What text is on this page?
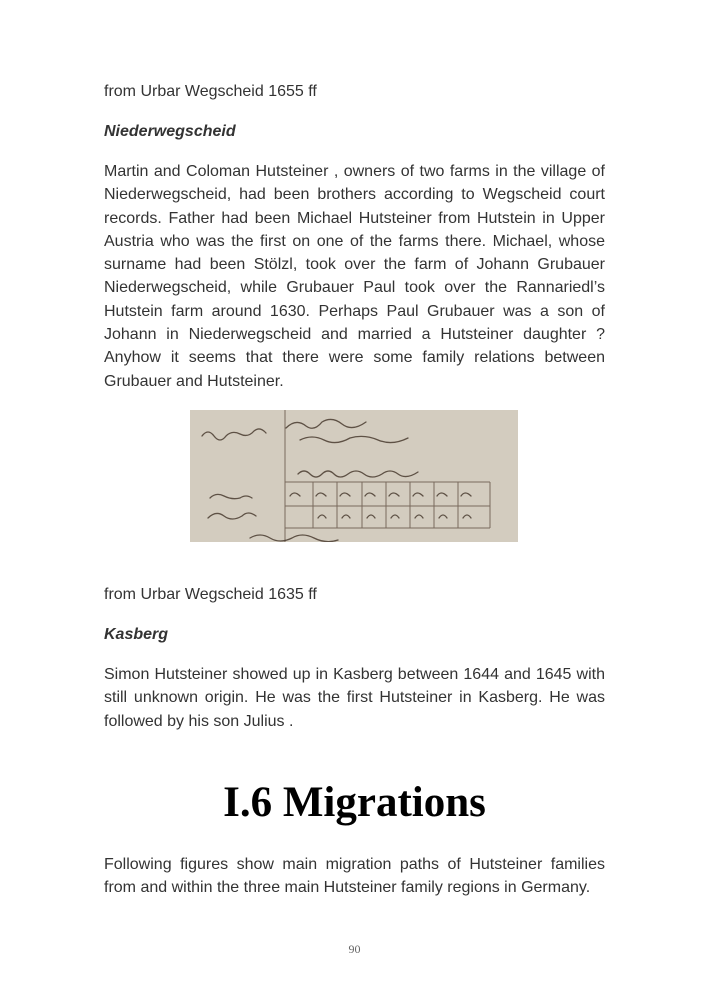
from Urbar Wegscheid 1655 ff

Niederwegscheid

Martin and Coloman Hutsteiner , owners of two farms in the village of Niederwegscheid, had been brothers according to Wegscheid court records. Father had been Michael Hutsteiner from Hutstein in Upper Austria who was the first on one of the farms there. Michael, whose surname had been Stölzl, took over the farm of Johann Grubauer Niederwegscheid, while Grubauer Paul took over the Rannariedl’s Hutstein farm around 1630. Perhaps Paul Grubauer was a son of Johann in Niederwegscheid and married a Hutsteiner daughter ? Anyhow it seems that there were some family relations between Grubauer and Hutsteiner.

from Urbar Wegscheid 1635 ff

Kasberg

Simon Hutsteiner showed up in Kasberg between 1644 and 1645 with still unknown origin. He was the first Hutsteiner in Kasberg. He was followed by his son Julius .

I.6 Migrations

Following figures show main migration paths of Hutsteiner families from and within the three main Hutsteiner family regions in Germany.

90
